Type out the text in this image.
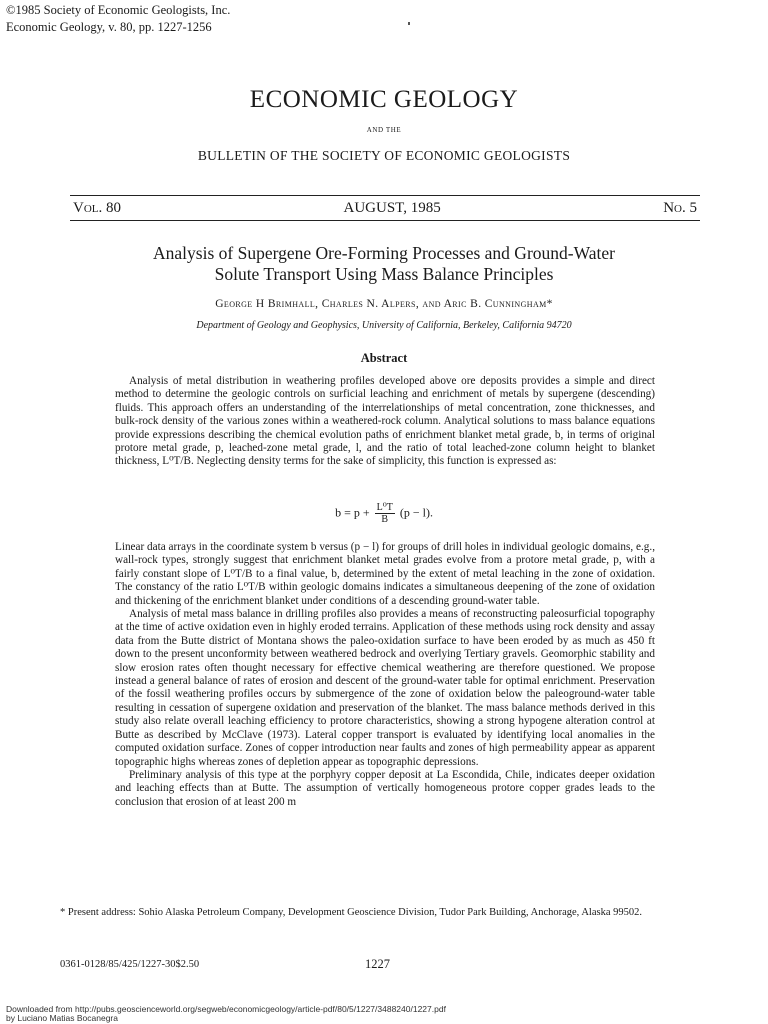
©1985 Society of Economic Geologists, Inc.
Economic Geology, v. 80, pp. 1227-1256
ECONOMIC GEOLOGY
AND THE
BULLETIN OF THE SOCIETY OF ECONOMIC GEOLOGISTS
Vol. 80	AUGUST, 1985	No. 5
Analysis of Supergene Ore-Forming Processes and Ground-Water
Solute Transport Using Mass Balance Principles
George H Brimhall, Charles N. Alpers, and Aric B. Cunningham*
Department of Geology and Geophysics, University of California, Berkeley, California 94720
Abstract

Analysis of metal distribution in weathering profiles developed above ore deposits provides a simple and direct method to determine the geologic controls on surficial leaching and enrichment of metals by supergene (descending) fluids. This approach offers an understanding of the interrelationships of metal concentration, zone thicknesses, and bulk-rock density of the various zones within a weathered-rock column. Analytical solutions to mass balance equations provide expressions describing the chemical evolution paths of enrichment blanket metal grade, b, in terms of original protore metal grade, p, leached-zone metal grade, l, and the ratio of total leached-zone column height to blanket thickness, L⁰T/B. Neglecting density terms for the sake of simplicity, this function is expressed as:

$b = p + \frac{\text{L⁰T}}{B} (p - l)$.

Linear data arrays in the coordinate system b versus (p − l) for groups of drill holes in individual geologic domains, e.g., wall-rock types, strongly suggest that enrichment blanket metal grades evolve from a protore metal grade, p, with a fairly constant slope of L⁰T/B to a final value, b, determined by the extent of metal leaching in the zone of oxidation. The constancy of the ratio L⁰T/B within geologic domains indicates a simultaneous deepening of the zone of oxidation and thickening of the enrichment blanket under conditions of a descending ground-water table.

Analysis of metal mass balance in drilling profiles also provides a means of reconstructing paleosurficial topography at the time of active oxidation even in highly eroded terrains. Application of these methods using rock density and assay data from the Butte district of Montana shows the paleo-oxidation surface to have been eroded by as much as 450 ft down to the present unconformity between weathered bedrock and overlying Tertiary gravels. Geomorphic stability and slow erosion rates often thought necessary for effective chemical weathering are therefore questioned. We propose instead a general balance of rates of erosion and descent of the ground-water table for optimal enrichment. Preservation of the fossil weathering profiles occurs by submergence of the zone of oxidation below the paleoground-water table resulting in cessation of supergene oxidation and preservation of the blanket. The mass balance methods derived in this study also relate overall leaching efficiency to protore characteristics, showing a strong hypogene alteration control at Butte as described by McClave (1973). Lateral copper transport is evaluated by identifying local anomalies in the computed oxidation surface. Zones of copper introduction near faults and zones of high permeability appear as apparent topographic highs whereas zones of depletion appear as topographic depressions.

Preliminary analysis of this type at the porphyry copper deposit at La Escondida, Chile, indicates deeper oxidation and leaching effects than at Butte. The assumption of vertically homogeneous protore copper grades leads to the conclusion that erosion of at least 200 m

* Present address: Sohio Alaska Petroleum Company, Development Geoscience Division, Tudor Park Building, Anchorage, Alaska 99502.
0361-0128/85/425/1227-30$2.50	1227
Downloaded from http://pubs.geoscienceworld.org/segweb/economicgeology/article-pdf/80/5/1227/3488240/1227.pdf
by Luciano Matias Bocanegra
